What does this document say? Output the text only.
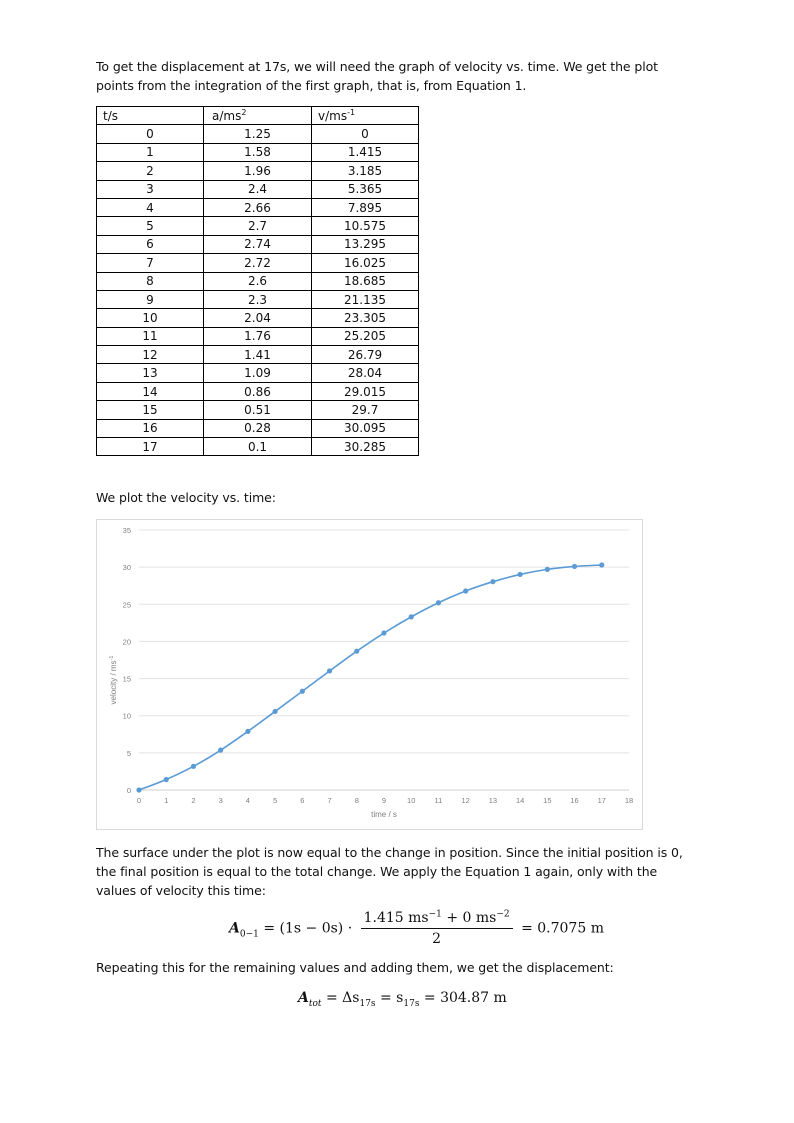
To get the displacement at 17s, we will need the graph of velocity vs. time. We get the plot points from the integration of the first graph, that is, from Equation 1.
t/s	$a/ms^2$	$v/ms^{-1}$
0	1.25	0
1	1.58	1.415
2	1.96	3.185
3	2.4	5.365
4	2.66	7.895
5	2.7	10.575
6	2.74	13.295
7	2.72	16.025
8	2.6	18.685
9	2.3	21.135
10	2.04	23.305
11	1.76	25.205
12	1.41	26.79
13	1.09	28.04
14	0.86	29.015
15	0.51	29.7
16	0.28	30.095
17	0.1	30.285
We plot the velocity vs. time:
0
5
10
15
20
25
30
35
0	1	2	3	4	5	6	7	8	9	10	11	12	13	14	15	16	17	18
time / s
velocity / $ms^{-1}$
The surface under the plot is now equal to the change in position. Since the initial position is 0, the final position is equal to the total change. We apply the Equation 1 again, only with the values of velocity this time:
$A_{0-1} = (1s - 0s) \cdot \frac{1.415 ms^{-1} + 0 ms^{-2}}{2} = 0.7075$ m
Repeating this for the remaining values and adding them, we get the displacement:
$A_{tot} = \Delta s_{17s} = s_{17s} = 304.87$ m
